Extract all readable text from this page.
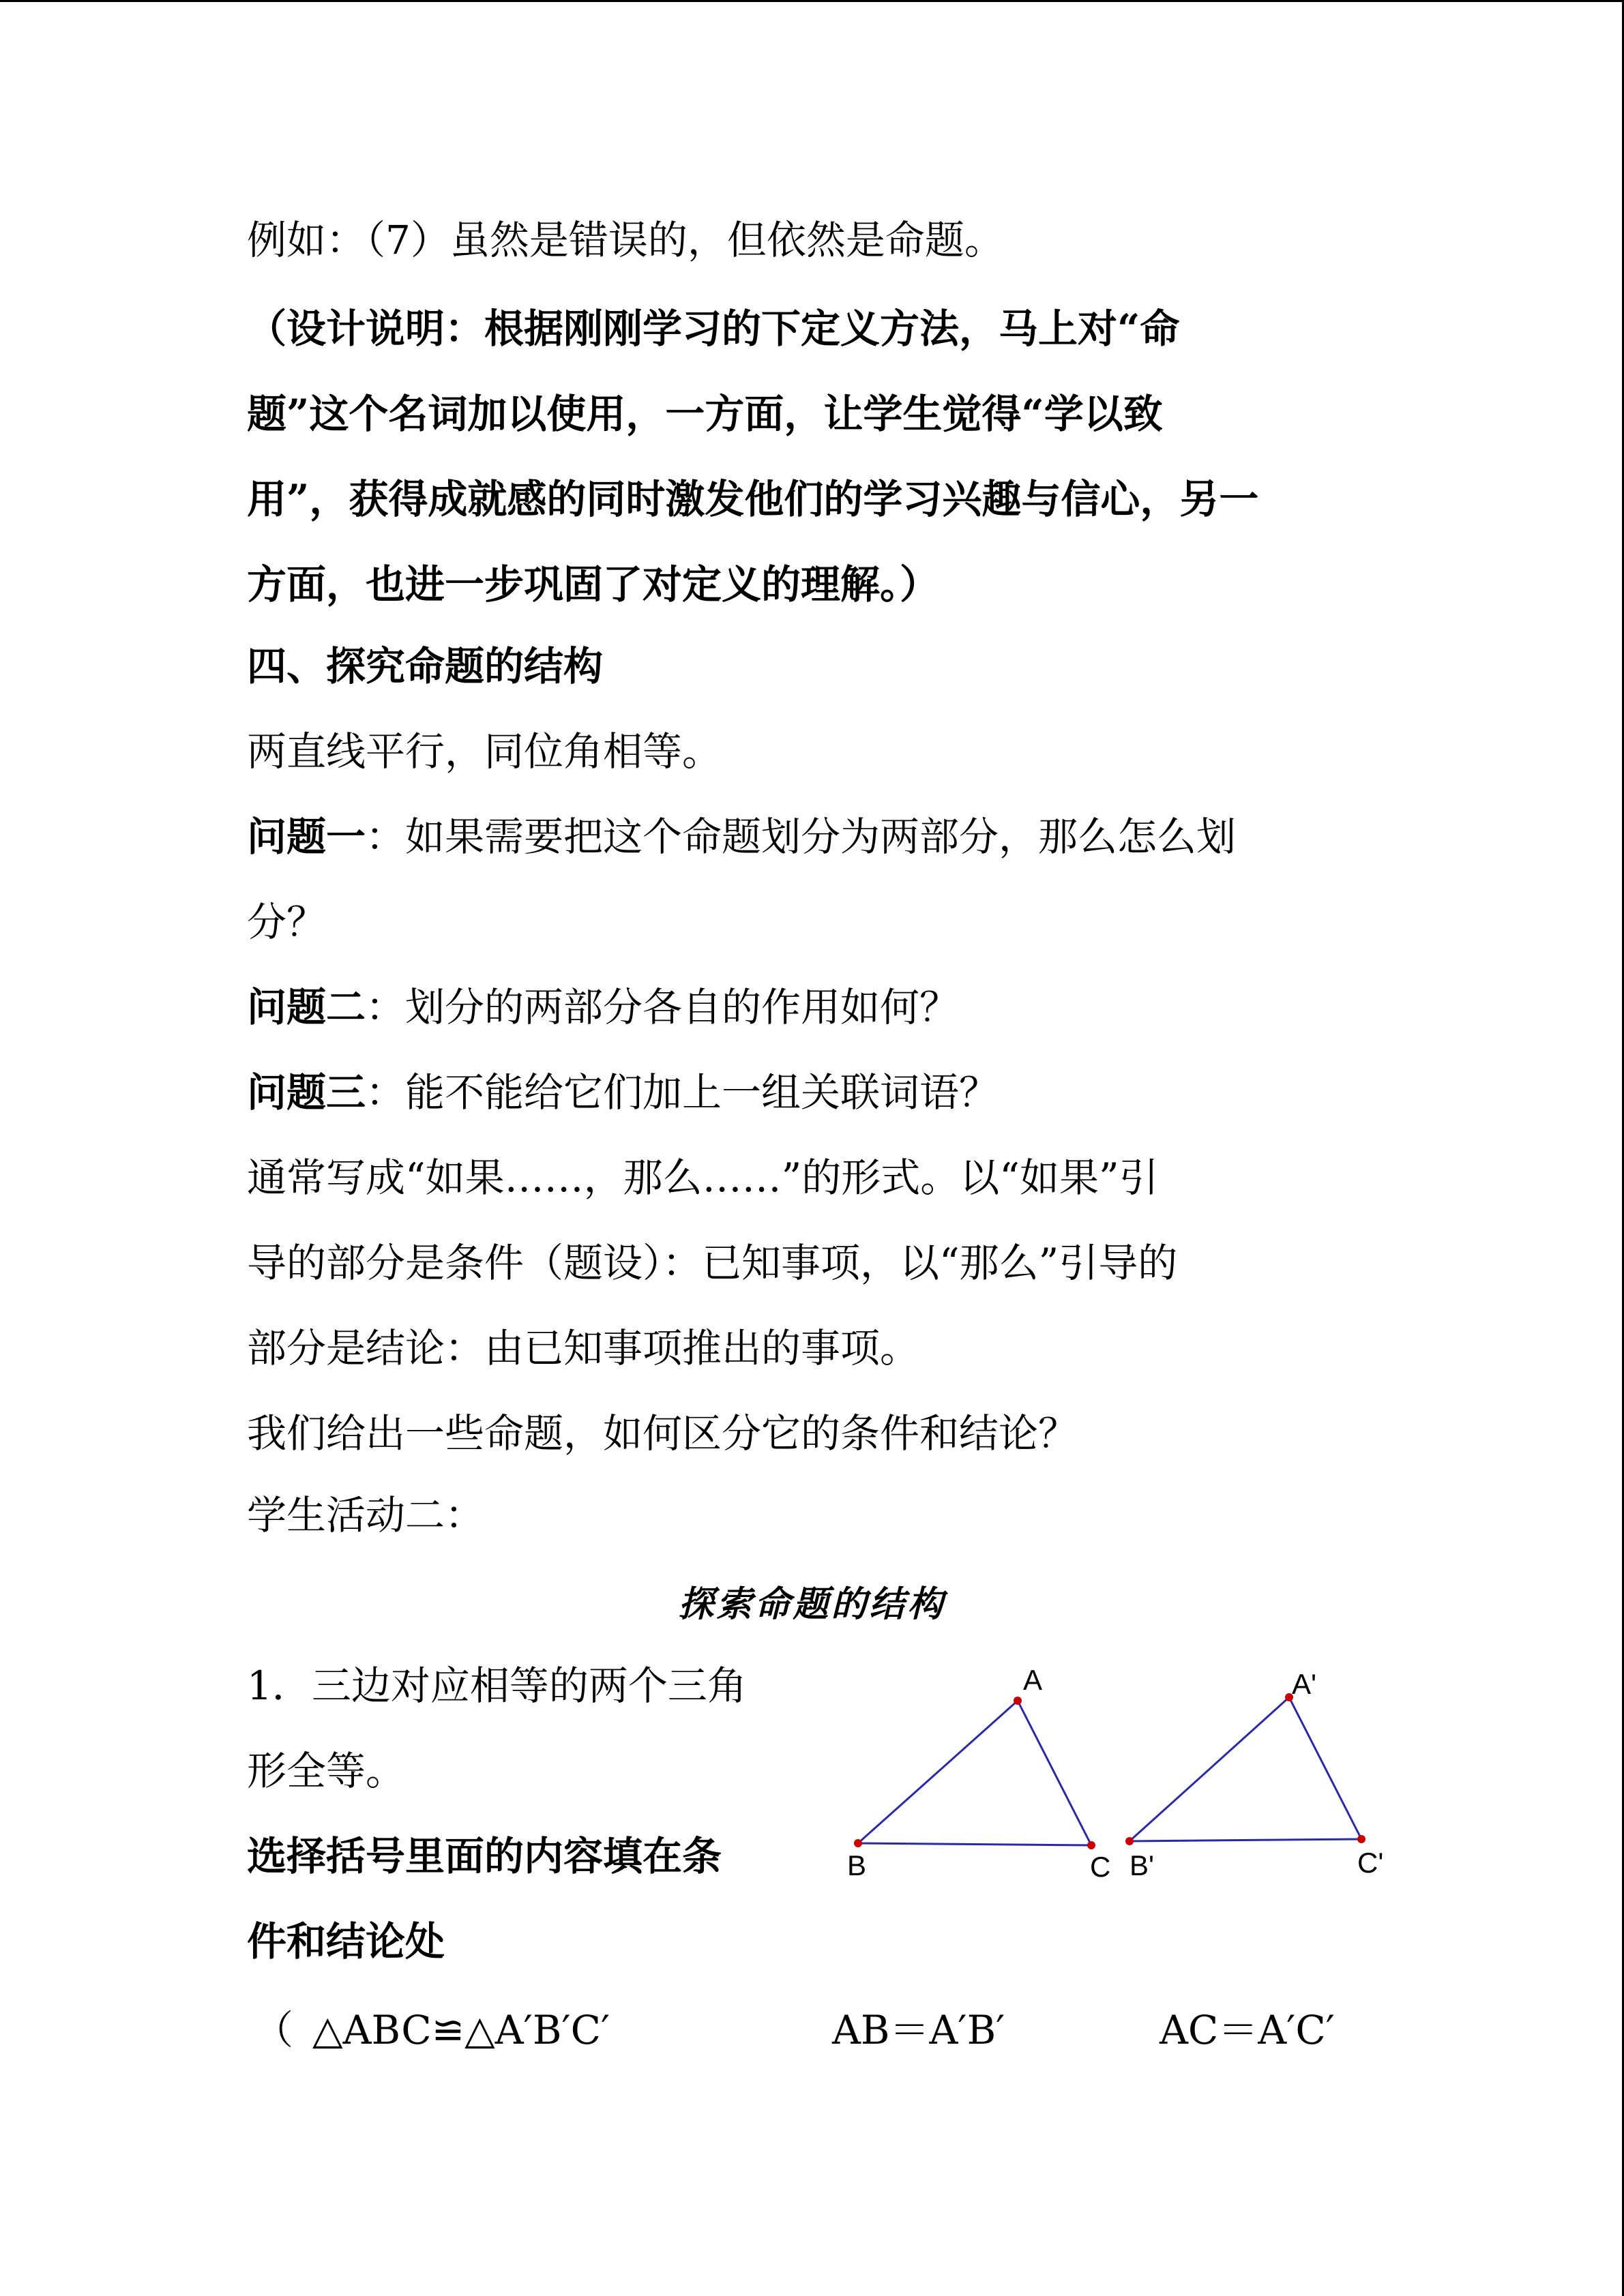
例如：（7）虽然是错误的，但依然是命题。

（设计说明：根据刚刚学习的下定义方法，马上对“命

题”这个名词加以使用，一方面，让学生觉得“学以致

用”，获得成就感的同时激发他们的学习兴趣与信心，另一

方面，也进一步巩固了对定义的理解。）

四、探究命题的结构

两直线平行，同位角相等。

问题一：如果需要把这个命题划分为两部分，那么怎么划

分？

问题二：划分的两部分各自的作用如何？

问题三：能不能给它们加上一组关联词语？

通常写成“如果……，那么……”的形式。以“如果”引

导的部分是条件（题设）：已知事项，以“那么”引导的

部分是结论：由已知事项推出的事项。

我们给出一些命题，如何区分它的条件和结论？

学生活动二：

探索命题的结构

1．三边对应相等的两个三角

形全等。

选择括号里面的内容填在条

件和结论处

（ △ABC≌△A′B′C′	AB＝A′B′	AC＝A′C′
A
B	C
A'
B'	C'
